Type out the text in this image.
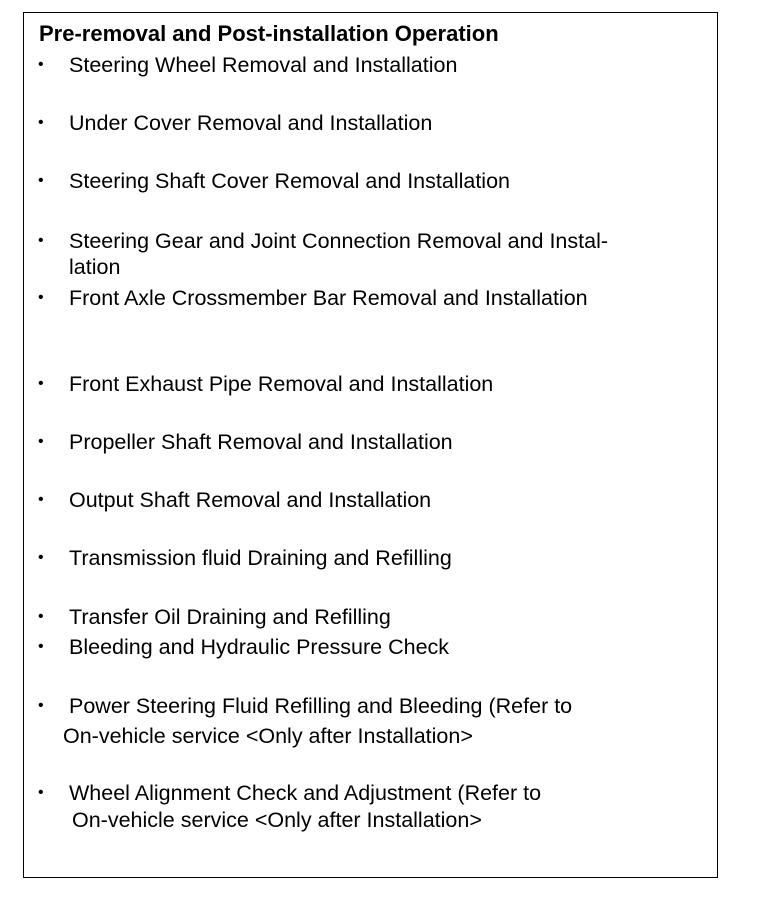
Pre-removal and Post-installation Operation
•	Steering Wheel Removal and Installation
•	Under Cover Removal and Installation
•	Steering Shaft Cover Removal and Installation
•	Steering Gear and Joint Connection Removal and Instal-
lation
•	Front Axle Crossmember Bar Removal and Installation
•	Front Exhaust Pipe Removal and Installation
•	Propeller Shaft Removal and Installation
•	Output Shaft Removal and Installation
•	Transmission fluid Draining and Refilling
•	Transfer Oil Draining and Refilling
•	Bleeding and Hydraulic Pressure Check
•	Power Steering Fluid Refilling and Bleeding (Refer to
On-vehicle service <Only after Installation>
•	Wheel Alignment Check and Adjustment (Refer to
On-vehicle service <Only after Installation>
